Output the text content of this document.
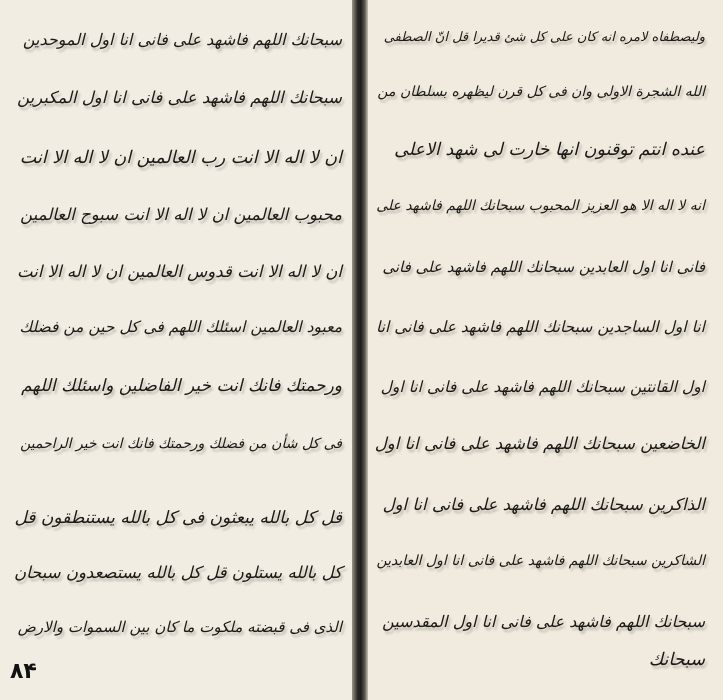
سبحانك اللهم فاشهد على فانى انا اول الموحدين
سبحانك اللهم فاشهد على فانى انا اول المكبرين
ان لا اله الا انت رب العالمين ان لا اله الا انت
محبوب العالمين ان لا اله الا انت سبوح العالمين
ان لا اله الا انت قدوس العالمين ان لا اله الا انت
معبود العالمين اسئلك اللهم فى كل حين من فضلك
ورحمتك فانك انت خير الفاضلين واسئلك اللهم
فى كل شأن من فضلك ورحمتك فانك انت خير الراحمين
قل كل بالله يبعثون فى كل بالله يستنطقون قل
كل بالله يستلون قل كل بالله يستصعدون سبحان
الذى فى قبضته ملكوت ما كان بين السموات والارض
۸۴
وليصطفاه لامره انه كان على كل شئ قديرا قل انّ الصطفى
الله الشجرة الاولى وان فى كل قرن ليظهره بسلطان من
عنده انتم توقنون انها خارت لى شهد الاعلى
انه لا اله الا هو العزيز المحبوب سبحانك اللهم فاشهد على
فانى انا اول العابدين سبحانك اللهم فاشهد على فانى
انا اول الساجدين سبحانك اللهم فاشهد على فانى انا
اول القانتين سبحانك اللهم فاشهد على فانى انا اول
الخاضعين سبحانك اللهم فاشهد على فانى انا اول
الذاكرين سبحانك اللهم فاشهد على فانى انا اول
الشاكرين سبحانك اللهم فاشهد على فانى انا اول العابدين
سبحانك اللهم فاشهد على فانى انا اول المقدسين
سبحانك
